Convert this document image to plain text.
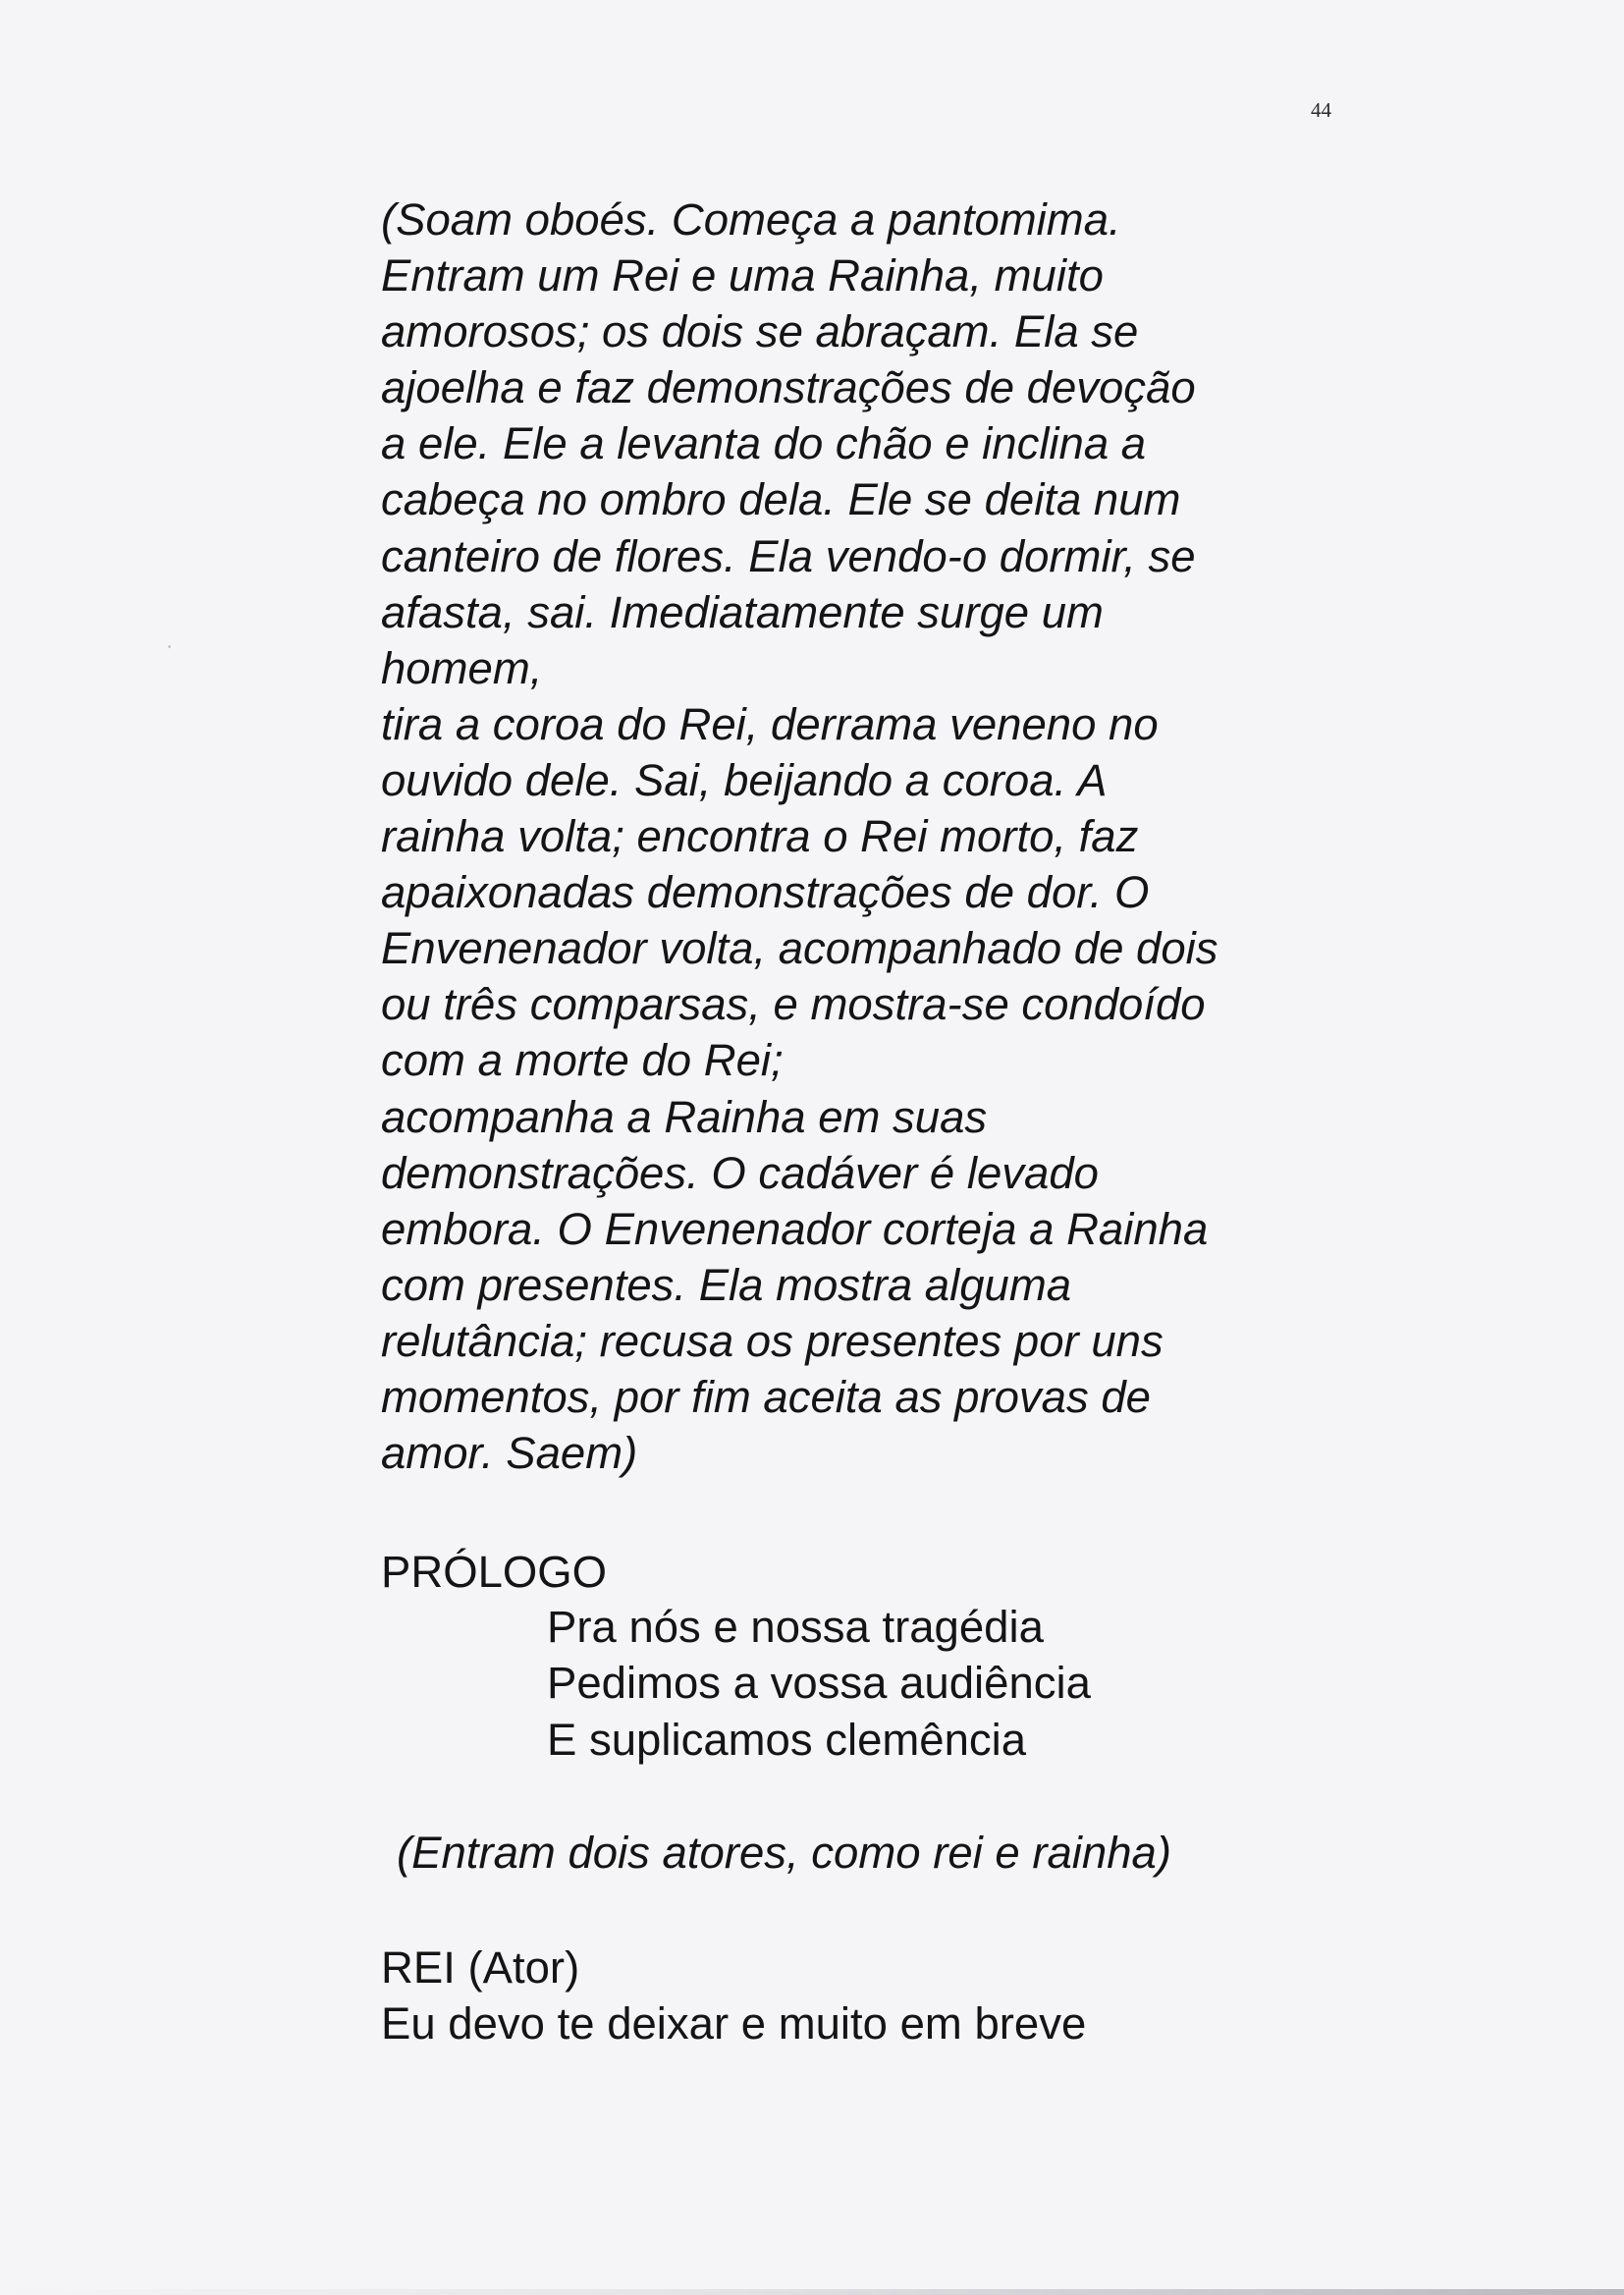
44
(Soam oboés. Começa a pantomima.
Entram um Rei e uma Rainha, muito
amorosos; os dois se abraçam. Ela se
ajoelha e faz demonstrações de devoção
a ele. Ele a levanta do chão e inclina a
cabeça no ombro dela. Ele se deita num
canteiro de flores. Ela vendo-o dormir, se
afasta, sai. Imediatamente surge um
homem,
tira a coroa do Rei, derrama veneno no
ouvido dele. Sai, beijando a coroa. A
rainha volta; encontra o Rei morto, faz
apaixonadas demonstrações de dor. O
Envenenador volta, acompanhado de dois
ou três comparsas, e mostra-se condoído
com a morte do Rei;
acompanha a Rainha em suas
demonstrações. O cadáver é levado
embora. O Envenenador corteja a Rainha
com presentes. Ela mostra alguma
relutância; recusa os presentes por uns
momentos, por fim aceita as provas de
amor. Saem)
PRÓLOGO
Pra nós e nossa tragédia
Pedimos a vossa audiência
E suplicamos clemência
(Entram dois atores, como rei e rainha)
REI (Ator)
Eu devo te deixar e muito em breve
